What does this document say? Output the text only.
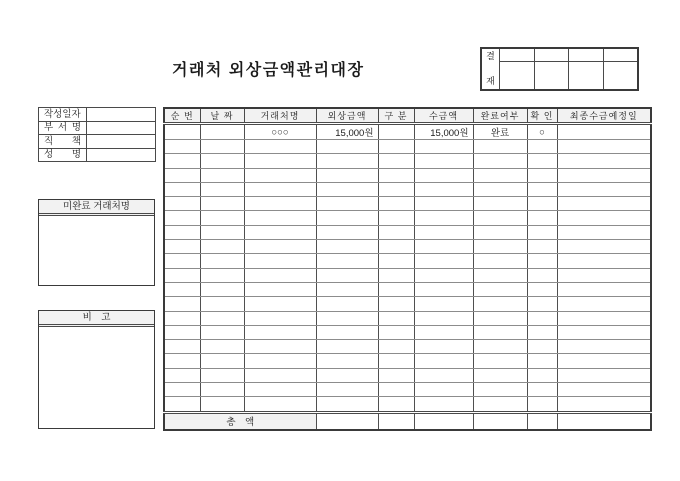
거래처 외상금액관리대장
결
재				

작성일자	
부 서 명	
직 책	
성 명	
미완료 거래처명
비　고
순 번	날 짜	거래처명	외상금액	구 분	수금액	완료여부	확 인	최종수금예정일
		○○○	15,000원		15,000원	완료	○	

총　액								
